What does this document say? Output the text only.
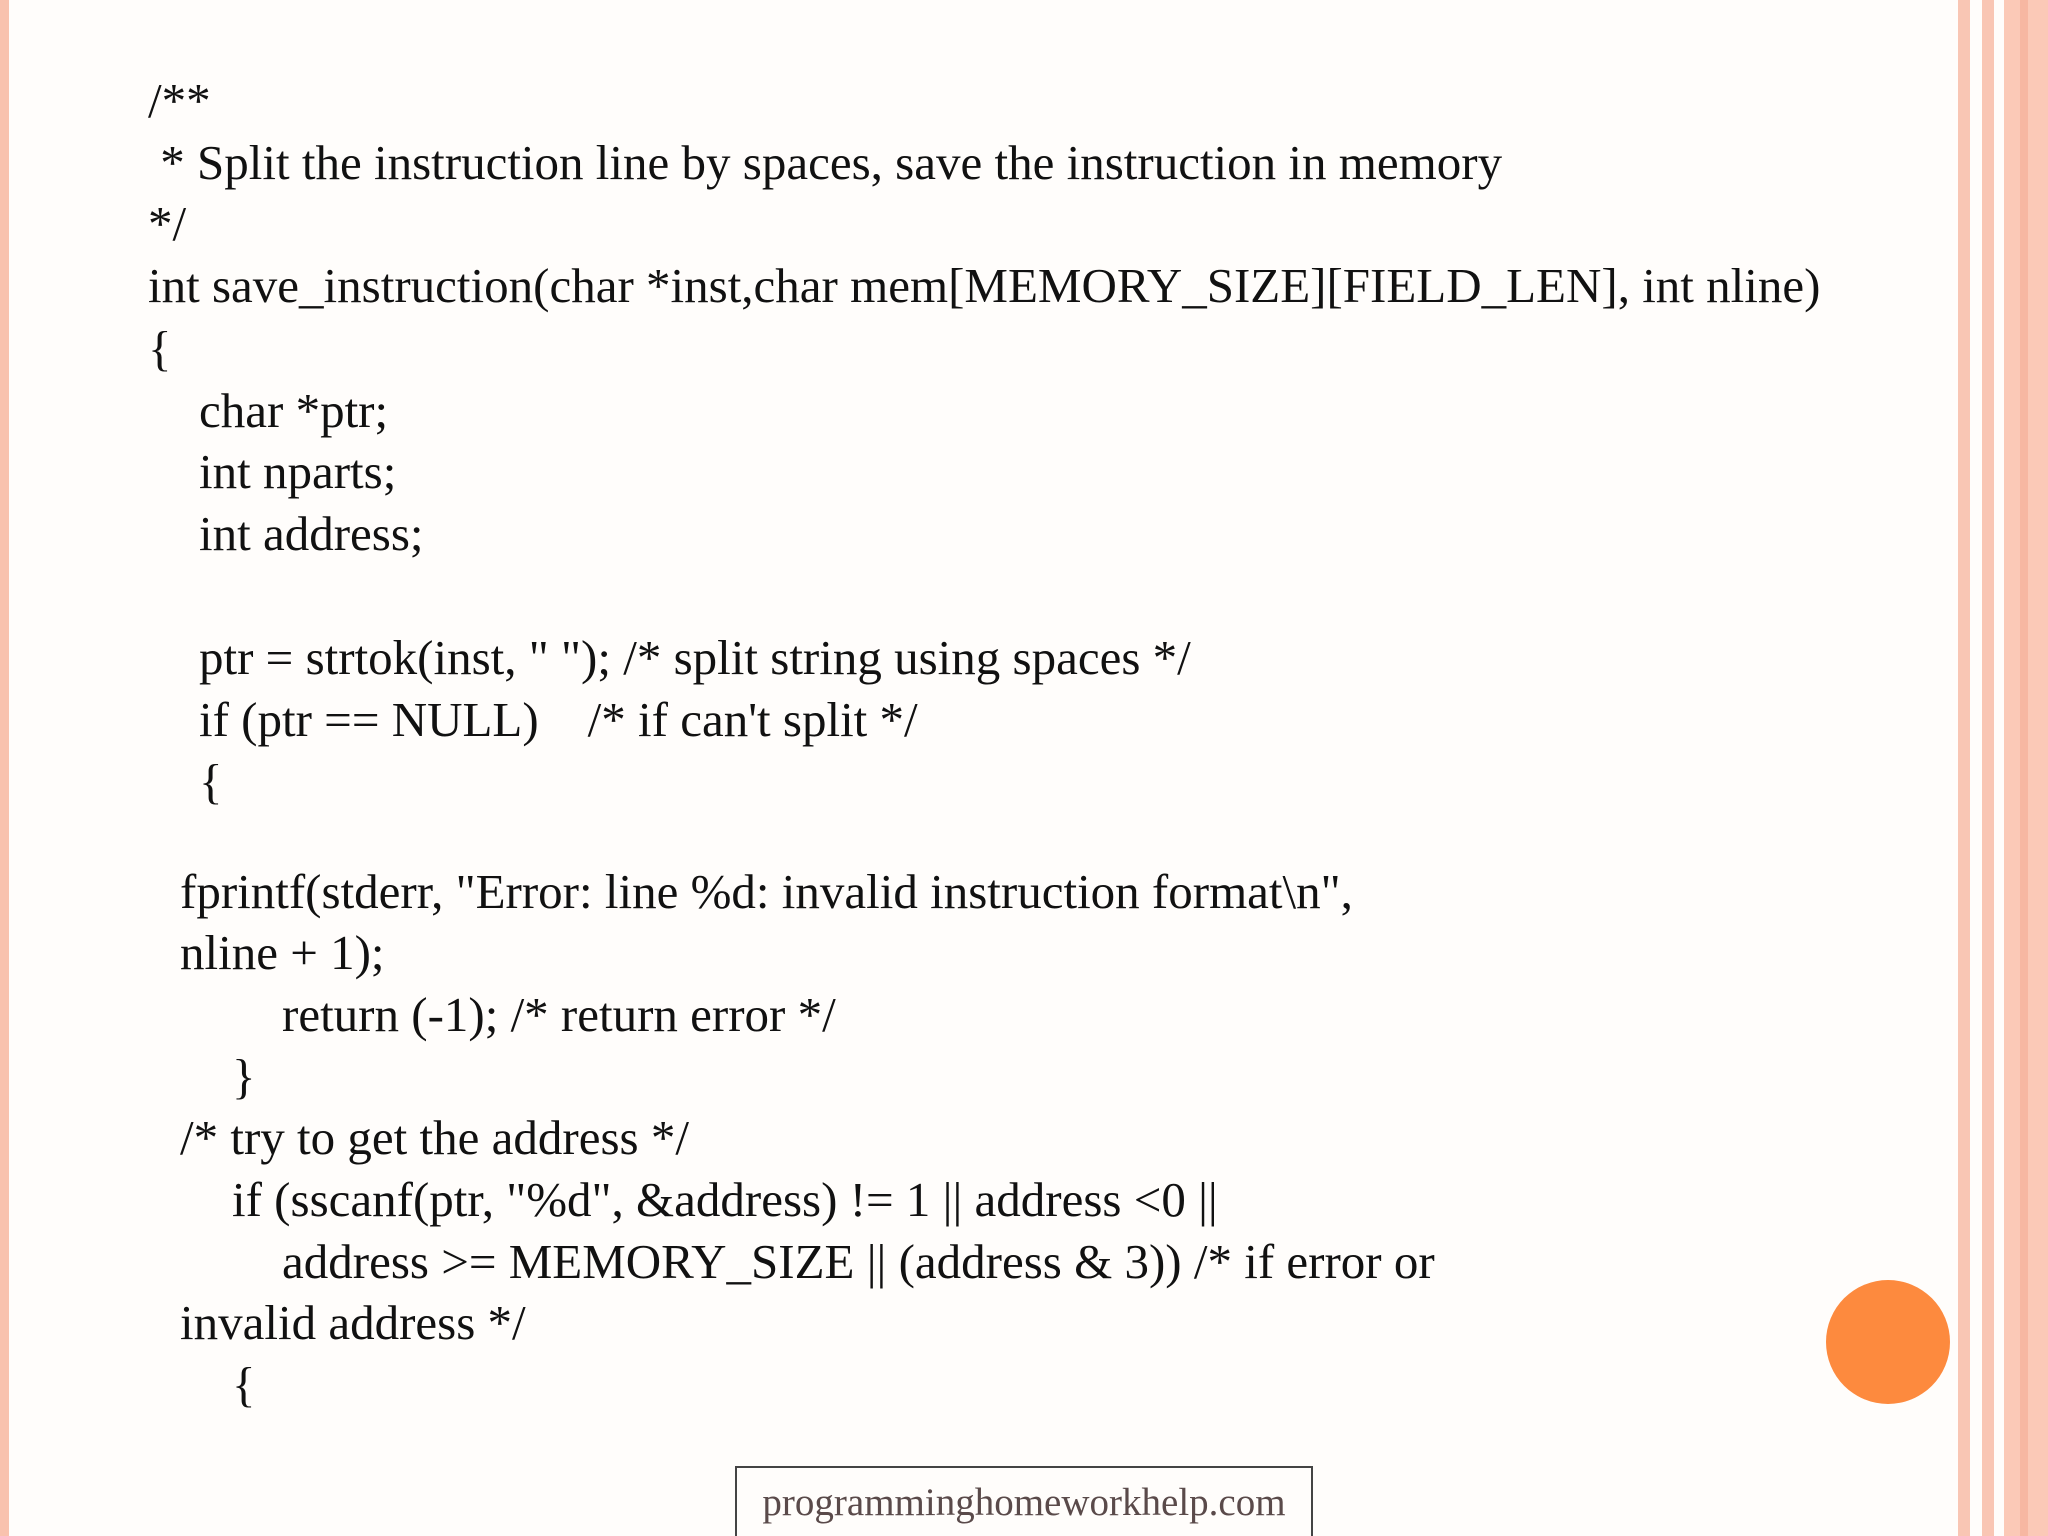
/**
* Split the instruction line by spaces, save the instruction in memory
*/
int save_instruction(char *inst,char mem[MEMORY_SIZE][FIELD_LEN], int nline)
{
char *ptr;
int nparts;
int address;
ptr = strtok(inst, " "); /* split string using spaces */
if (ptr == NULL)    /* if can't split */
{
fprintf(stderr, "Error: line %d: invalid instruction format\n",
nline + 1);
return (-1); /* return error */
}
/* try to get the address */
if (sscanf(ptr, "%d", &address) != 1 || address <0 ||
address >= MEMORY_SIZE || (address & 3)) /* if error or
invalid address */
{
programminghomeworkhelp.com
